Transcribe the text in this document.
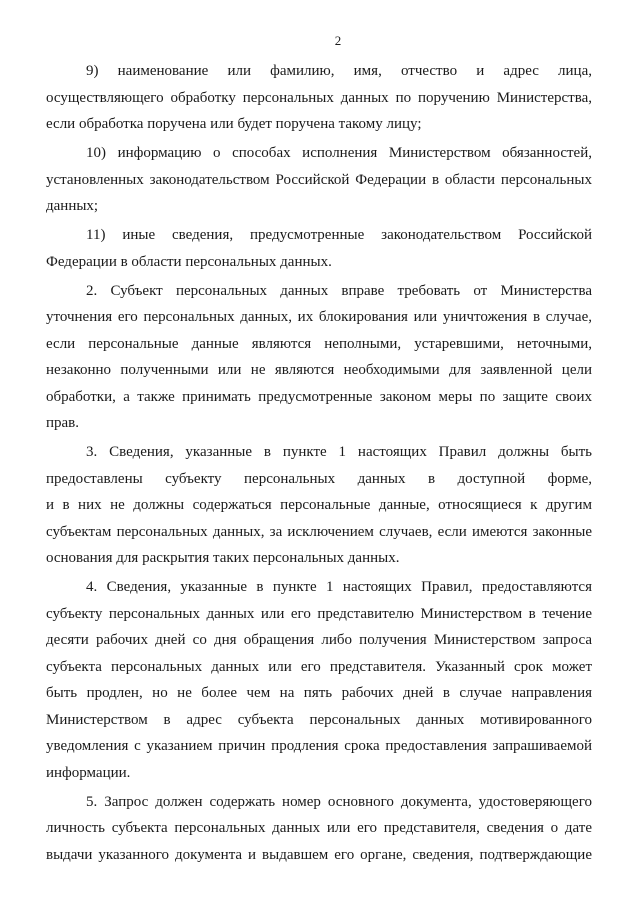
2

9) наименование или фамилию, имя, отчество и адрес лица,
осуществляющего обработку персональных данных по поручению Министерства,
если обработка поручена или будет поручена такому лицу;

10) информацию о способах исполнения Министерством обязанностей,
установленных законодательством Российской Федерации в области персональных
данных;

11) иные сведения, предусмотренные законодательством Российской
Федерации в области персональных данных.

2. Субъект персональных данных вправе требовать от Министерства
уточнения его персональных данных, их блокирования или уничтожения в случае,
если персональные данные являются неполными, устаревшими, неточными,
незаконно полученными или не являются необходимыми для заявленной цели
обработки, а также принимать предусмотренные законом меры по защите своих
прав.

3. Сведения, указанные в пункте 1 настоящих Правил должны быть
предоставлены субъекту персональных данных в доступной форме,
и в них не должны содержаться персональные данные, относящиеся к другим
субъектам персональных данных, за исключением случаев, если имеются законные
основания для раскрытия таких персональных данных.

4. Сведения, указанные в пункте 1 настоящих Правил, предоставляются
субъекту персональных данных или его представителю Министерством в течение
десяти рабочих дней со дня обращения либо получения Министерством запроса
субъекта персональных данных или его представителя. Указанный срок может
быть продлен, но не более чем на пять рабочих дней в случае направления
Министерством в адрес субъекта персональных данных мотивированного
уведомления с указанием причин продления срока предоставления запрашиваемой
информации.

5. Запрос должен содержать номер основного документа, удостоверяющего
личность субъекта персональных данных или его представителя, сведения о дате
выдачи указанного документа и выдавшем его органе, сведения, подтверждающие
